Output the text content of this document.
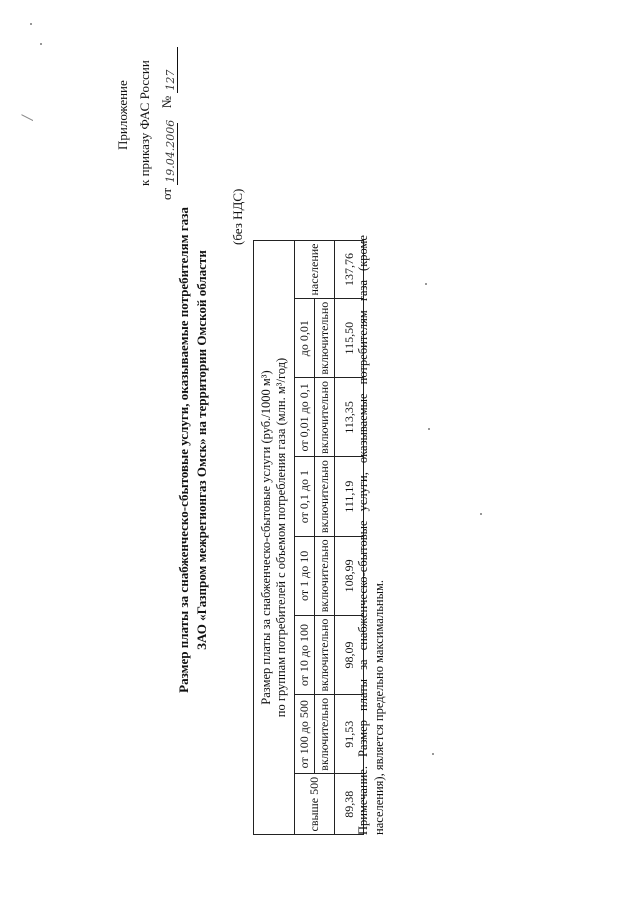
/	Приложение к приказу ФАС России
от
19.04.2006
№
127
Размер платы за снабженческо-сбытовые услуги, оказываемые потребителям газа ЗАО «Газпром межрегионгаз Омск» на территории Омской области
(без НДС)
Размер платы за снабженческо-сбытовые услуги (руб./1000 м³) по группам потребителей с объемом потребления газа (млн. м³/год)							

свыше 500	от 100 до 500	от 10 до 100	от 1 до 10	от 0,1 до 1	от 0,01 до 0,1	до 0,01	население
	включительно	включительно	включительно	включительно	включительно	включительно	
89,38	91,53	98,09	108,99	111,19	113,35	115,50	137,76 Примечание. Размер платы за снабженческо-сбытовые услуги, оказываемые потребителям газа (кроме населения), является предельно максимальным.
